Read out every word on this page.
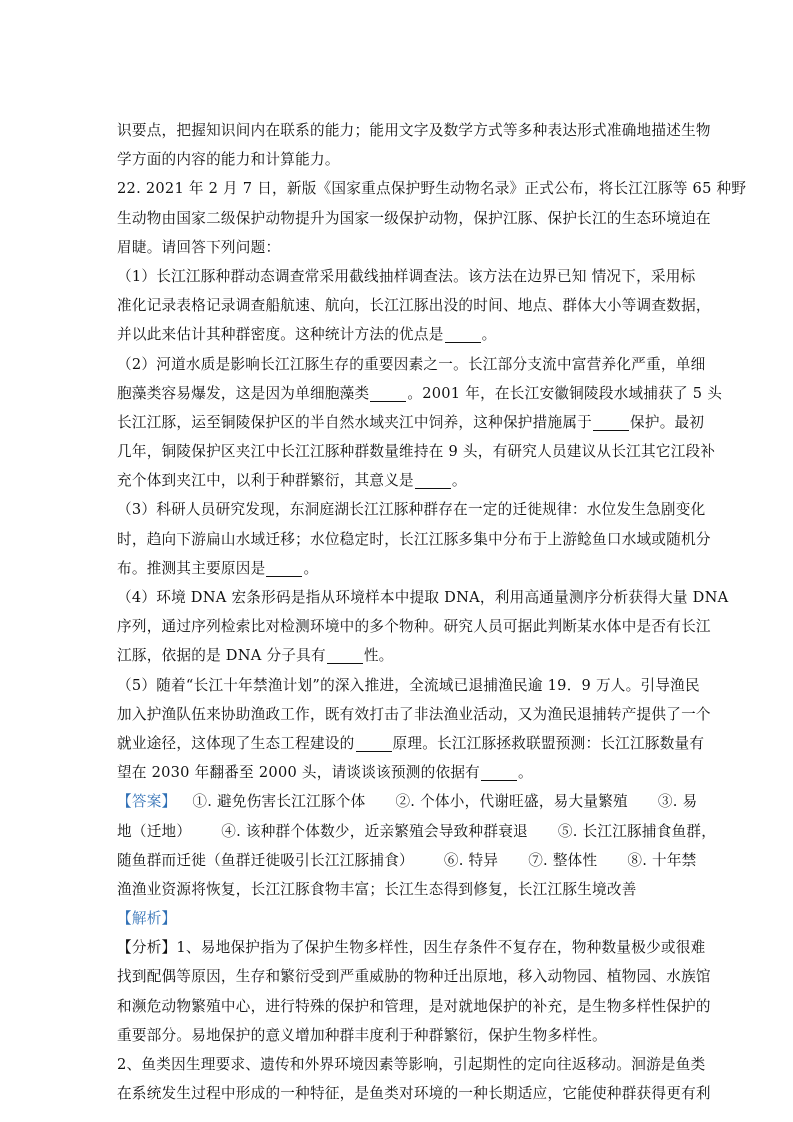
识要点，把握知识间内在联系的能力；能用文字及数学方式等多种表达形式准确地描述生物
学方面的内容的能力和计算能力。
22. 2021 年 2 月 7 日，新版《国家重点保护野生动物名录》正式公布，将长江江豚等 65 种野
生动物由国家二级保护动物提升为国家一级保护动物，保护江豚、保护长江的生态环境迫在
眉睫。请回答下列问题：
（1）长江江豚种群动态调查常采用截线抽样调查法。该方法在边界已知 情况下，采用标
准化记录表格记录调查船航速、航向，长江江豚出没的时间、地点、群体大小等调查数据，
并以此来估计其种群密度。这种统计方法的优点是	。
（2）河道水质是影响长江江豚生存的重要因素之一。长江部分支流中富营养化严重，单细
胞藻类容易爆发，这是因为单细胞藻类	。2001 年，在长江安徽铜陵段水域捕获了 5 头
长江江豚，运至铜陵保护区的半自然水域夹江中饲养，这种保护措施属于	保护。最初
几年，铜陵保护区夹江中长江江豚种群数量维持在 9 头，有研究人员建议从长江其它江段补
充个体到夹江中，以利于种群繁衍，其意义是	。
（3）科研人员研究发现，东洞庭湖长江江豚种群存在一定的迁徙规律：水位发生急剧变化
时，趋向下游扁山水域迁移；水位稳定时，长江江豚多集中分布于上游鲶鱼口水域或随机分
布。推测其主要原因是	。
（4）环境 DNA 宏条形码是指从环境样本中提取 DNA，利用高通量测序分析获得大量 DNA
序列，通过序列检索比对检测环境中的多个物种。研究人员可据此判断某水体中是否有长江
江豚，依据的是 DNA 分子具有	性。
（5）随着“长江十年禁渔计划”的深入推进，全流域已退捕渔民逾 19．9 万人。引导渔民
加入护渔队伍来协助渔政工作，既有效打击了非法渔业活动，又为渔民退捕转产提供了一个
就业途径，这体现了生态工程建设的	原理。长江江豚拯救联盟预测：长江江豚数量有
望在 2030 年翻番至 2000 头，请谈谈该预测的依据有	。
【答案】 ①. 避免伤害长江江豚个体 ②. 个体小，代谢旺盛，易大量繁殖 ③. 易
地（迁地） ④. 该种群个体数少，近亲繁殖会导致种群衰退 ⑤. 长江江豚捕食鱼群，
随鱼群而迁徙（鱼群迁徙吸引长江江豚捕食） ⑥. 特异 ⑦. 整体性 ⑧. 十年禁
渔渔业资源将恢复，长江江豚食物丰富；长江生态得到修复，长江江豚生境改善
【解析】
【分析】1、易地保护指为了保护生物多样性，因生存条件不复存在，物种数量极少或很难
找到配偶等原因，生存和繁衍受到严重威胁的物种迁出原地，移入动物园、植物园、水族馆
和濒危动物繁殖中心，进行特殊的保护和管理，是对就地保护的补充，是生物多样性保护的
重要部分。易地保护的意义增加种群丰度利于种群繁衍，保护生物多样性。
2、鱼类因生理要求、遗传和外界环境因素等影响，引起期性的定向往返移动。洄游是鱼类
在系统发生过程中形成的一种特征，是鱼类对环境的一种长期适应，它能使种群获得更有利
